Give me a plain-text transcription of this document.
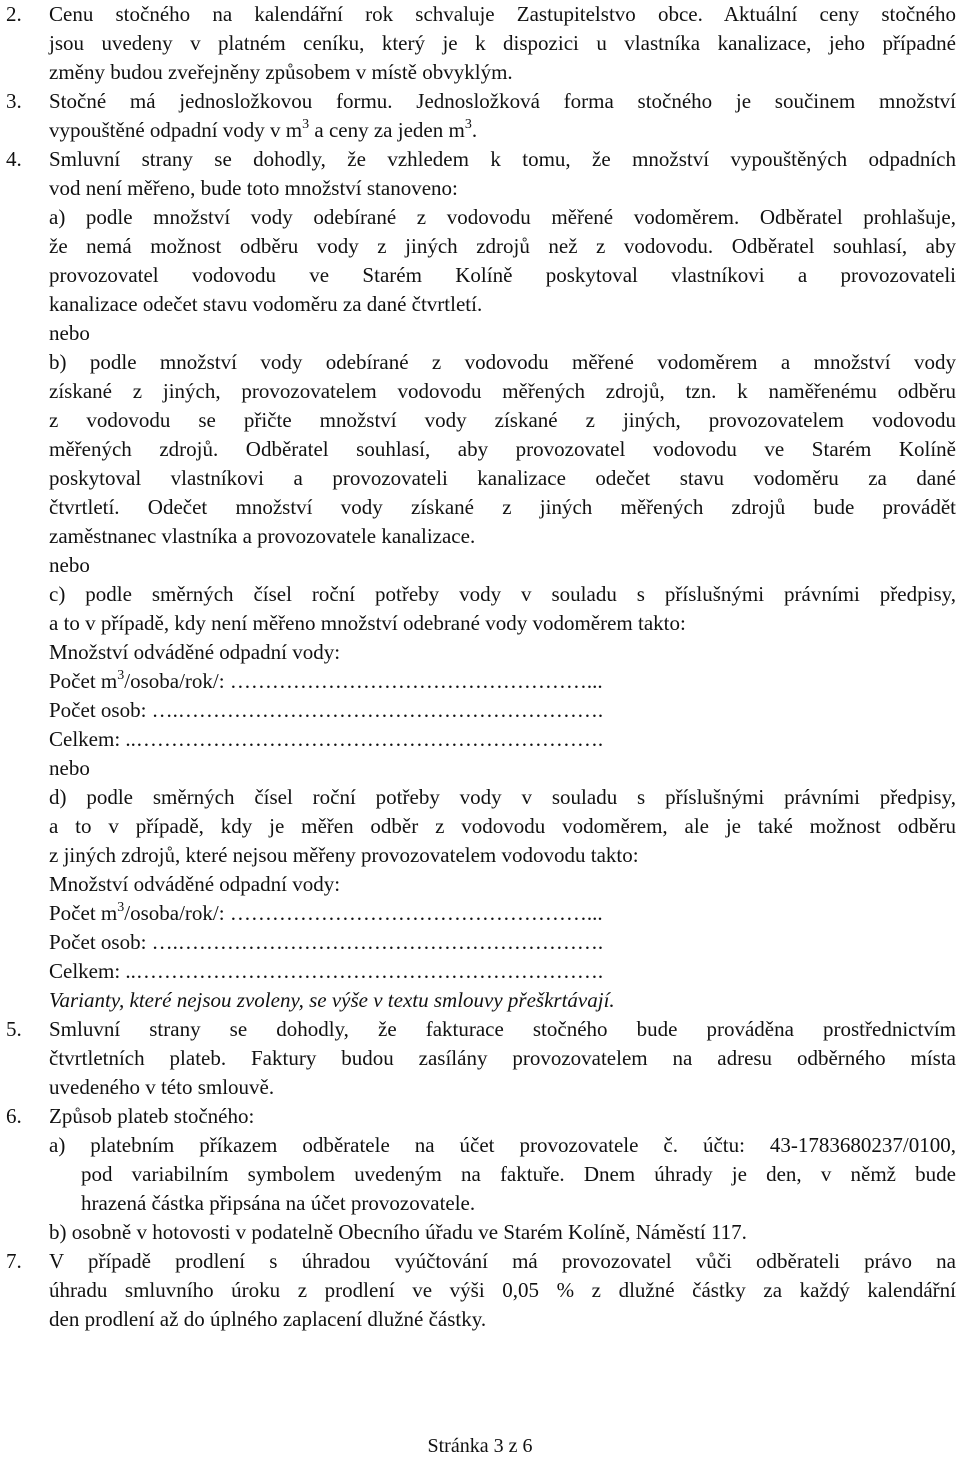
2. Cenu stočného na kalendářní rok schvaluje Zastupitelstvo obce. Aktuální ceny stočného
jsou uvedeny v platném ceníku, který je k dispozici u vlastníka kanalizace, jeho případné
změny budou zveřejněny způsobem v místě obvyklým.
3. Stočné má jednosložkovou formu. Jednosložková forma stočného je součinem množství
vypouštěné odpadní vody v $m^3$ a ceny za jeden $m^3$.
4. Smluvní strany se dohodly, že vzhledem k tomu, že množství vypouštěných odpadních
vod není měřeno, bude toto množství stanoveno:
a) podle množství vody odebírané z vodovodu měřené vodoměrem. Odběratel prohlašuje,
že nemá možnost odběru vody z jiných zdrojů než z vodovodu. Odběratel souhlasí, aby
provozovatel vodovodu ve Starém Kolíně poskytoval vlastníkovi a provozovateli
kanalizace odečet stavu vodoměru za dané čtvrtletí.
nebo
b) podle množství vody odebírané z vodovodu měřené vodoměrem a množství vody
získané z jiných, provozovatelem vodovodu měřených zdrojů, tzn. k naměřenému odběru
z vodovodu se přičte množství vody získané z jiných, provozovatelem vodovodu
měřených zdrojů. Odběratel souhlasí, aby provozovatel vodovodu ve Starém Kolíně
poskytoval vlastníkovi a provozovateli kanalizace odečet stavu vodoměru za dané
čtvrtletí. Odečet množství vody získané z jiných měřených zdrojů bude provádět
zaměstnanec vlastníka a provozovatele kanalizace.
nebo
c) podle směrných čísel roční potřeby vody v souladu s příslušnými právními předpisy,
a to v případě, kdy není měřeno množství odebrané vody vodoměrem takto:
Množství odváděné odpadní vody:
Počet $m^3/osoba/rok/$: ……………………………………………...
Počet osob: ….…………………………………………………….
Celkem: ..………………………………………………………….
nebo
d) podle směrných čísel roční potřeby vody v souladu s příslušnými právními předpisy,
a to v případě, kdy je měřen odběr z vodovodu vodoměrem, ale je také možnost odběru
z jiných zdrojů, které nejsou měřeny provozovatelem vodovodu takto:
Množství odváděné odpadní vody:
Počet $m^3/osoba/rok/$: ……………………………………………...
Počet osob: ….…………………………………………………….
Celkem: ..………………………………………………………….
Varianty, které nejsou zvoleny, se výše v textu smlouvy přeškrtávají.
5. Smluvní strany se dohodly, že fakturace stočného bude prováděna prostřednictvím
čtvrtletních plateb. Faktury budou zasílány provozovatelem na adresu odběrného místa
uvedeného v této smlouvě.
6. Způsob plateb stočného:
a) platebním příkazem odběratele na účet provozovatele č. účtu: 43-1783680237/0100,
pod variabilním symbolem uvedeným na faktuře. Dnem úhrady je den, v němž bude
hrazená částka připsána na účet provozovatele.
b) osobně v hotovosti v podatelně Obecního úřadu ve Starém Kolíně, Náměstí 117.
7. V případě prodlení s úhradou vyúčtování má provozovatel vůči odběrateli právo na
úhradu smluvního úroku z prodlení ve výši 0,05 % z dlužné částky za každý kalendářní
den prodlení až do úplného zaplacení dlužné částky.
Stránka 3 z 6
